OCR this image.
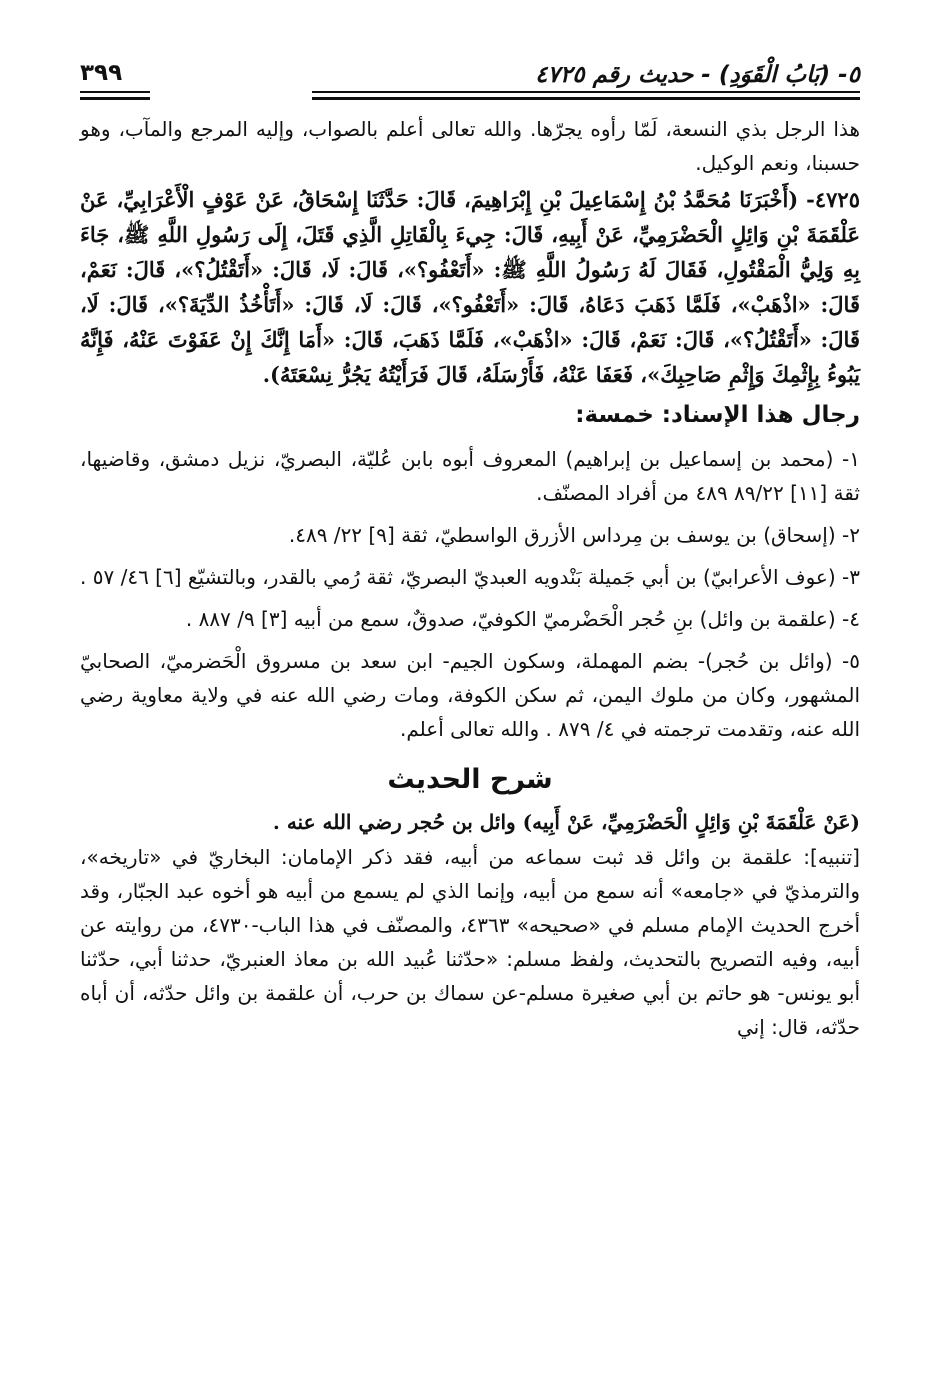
٥- (بَابُ الْقَوَدِ) - حديث رقم ٤٧٢٥
٣٩٩

هذا الرجل بذي النسعة، لَمّا رأوه يجرّها. والله تعالى أعلم بالصواب، وإليه المرجع والمآب، وهو حسبنا، ونعم الوكيل.

٤٧٢٥- (أَخْبَرَنَا مُحَمَّدُ بْنُ إِسْمَاعِيلَ بْنِ إِبْرَاهِيمَ، قَالَ: حَدَّثَنَا إِسْحَاقُ، عَنْ عَوْفٍ الْأَعْرَابِيِّ، عَنْ عَلْقَمَةَ بْنِ وَائِلٍ الْحَضْرَمِيِّ، عَنْ أَبِيهِ، قَالَ: جِيءَ بِالْقَاتِلِ الَّذِي قَتَلَ، إِلَى رَسُولِ اللَّهِ ﷺ، جَاءَ بِهِ وَلِيُّ الْمَقْتُولِ، فَقَالَ لَهُ رَسُولُ اللَّهِ ﷺ: «أَتَعْفُو؟»، قَالَ: لَا، قَالَ: «أَتَقْتُلُ؟»، قَالَ: نَعَمْ، قَالَ: «اذْهَبْ»، فَلَمَّا ذَهَبَ دَعَاهُ، قَالَ: «أَتَعْفُو؟»، قَالَ: لَا، قَالَ: «أَتَأْخُذُ الدِّيَةَ؟»، قَالَ: لَا، قَالَ: «أَتَقْتُلُ؟»، قَالَ: نَعَمْ، قَالَ: «اذْهَبْ»، فَلَمَّا ذَهَبَ، قَالَ: «أَمَا إِنَّكَ إِنْ عَفَوْتَ عَنْهُ، فَإِنَّهُ يَبُوءُ بِإِثْمِكَ وَإِثْمِ صَاحِبِكَ»، فَعَفَا عَنْهُ، فَأَرْسَلَهُ، قَالَ فَرَأَيْتُهُ يَجُرُّ نِسْعَتَهُ).

رجال هذا الإسناد: خمسة:

١- (محمد بن إسماعيل بن إبراهيم) المعروف أبوه بابن عُليّة، البصريّ، نزيل دمشق، وقاضيها، ثقة [١١] ٨٩/٢٢ ٤٨٩ من أفراد المصنّف.

٢- (إسحاق) بن يوسف بن مِرداس الأزرق الواسطيّ، ثقة [٩] ٢٢/ ٤٨٩.

٣- (عوف الأعرابيّ) بن أبي جَميلة بَنْدويه العبديّ البصريّ، ثقة رُمي بالقدر، وبالتشيّع [٦] ٤٦/ ٥٧ .

٤- (علقمة بن وائل) بنِ حُجر الْحَضْرميّ الكوفيّ، صدوقٌ، سمع من أبيه [٣] ٩/ ٨٨٧ .

٥- (وائل بن حُجر)- بضم المهملة، وسكون الجيم- ابن سعد بن مسروق الْحَضرميّ، الصحابيّ المشهور، وكان من ملوك اليمن، ثم سكن الكوفة، ومات رضي الله عنه في ولاية معاوية رضي الله عنه، وتقدمت ترجمته في ٤/ ٨٧٩ . والله تعالى أعلم.

شرح الحديث

(عَنْ عَلْقَمَةَ بْنِ وَائِلٍ الْحَضْرَمِيِّ، عَنْ أَبِيه) وائل بن حُجر رضي الله عنه .

[تنبيه]: علقمة بن وائل قد ثبت سماعه من أبيه، فقد ذكر الإمامان: البخاريّ في «تاريخه»، والترمذيّ في «جامعه» أنه سمع من أبيه، وإنما الذي لم يسمع من أبيه هو أخوه عبد الجبّار، وقد أخرج الحديث الإمام مسلم في «صحيحه» ٤٣٦٣، والمصنّف في هذا الباب-٤٧٣٠، من روايته عن أبيه، وفيه التصريح بالتحديث، ولفظ مسلم: «حدّثنا عُبيد الله بن معاذ العنبريّ، حدثنا أبي، حدّثنا أبو يونس- هو حاتم بن أبي صغيرة مسلم-عن سماك بن حرب، أن علقمة بن وائل حدّثه، أن أباه حدّثه، قال: إني
